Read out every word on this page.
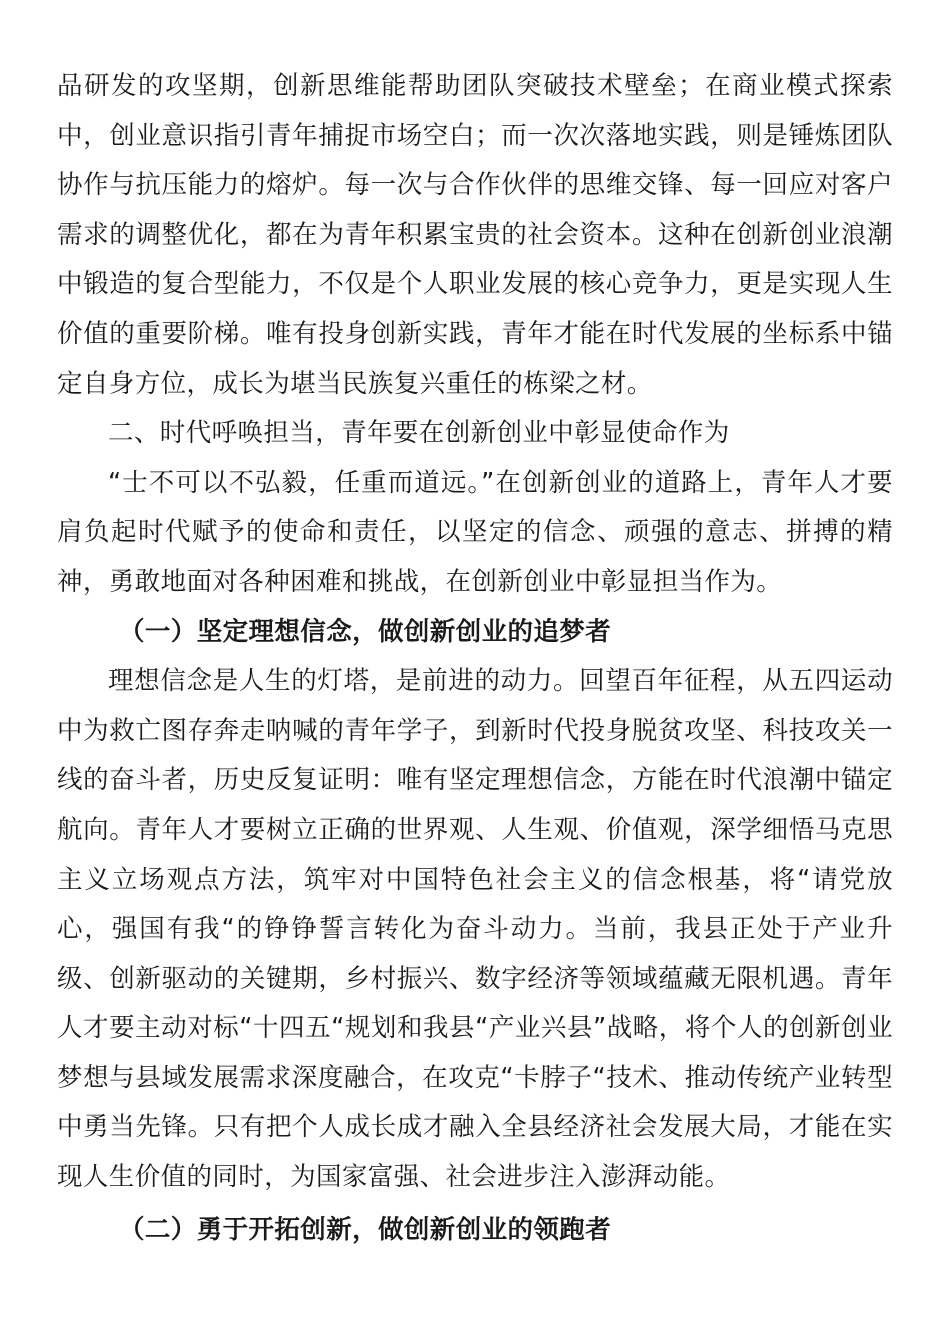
品研发的攻坚期，创新思维能帮助团队突破技术壁垒；在商业模式探索中，创业意识指引青年捕捉市场空白；而一次次落地实践，则是锤炼团队协作与抗压能力的熔炉。每一次与合作伙伴的思维交锋、每一回应对客户需求的调整优化，都在为青年积累宝贵的社会资本。这种在创新创业浪潮中锻造的复合型能力，不仅是个人职业发展的核心竞争力，更是实现人生价值的重要阶梯。唯有投身创新实践，青年才能在时代发展的坐标系中锚定自身方位，成长为堪当民族复兴重任的栋梁之材。

二、时代呼唤担当，青年要在创新创业中彰显使命作为

“士不可以不弘毅，任重而道远。”在创新创业的道路上，青年人才要肩负起时代赋予的使命和责任，以坚定的信念、顽强的意志、拼搏的精神，勇敢地面对各种困难和挑战，在创新创业中彰显担当作为。

（一）坚定理想信念，做创新创业的追梦者

理想信念是人生的灯塔，是前进的动力。回望百年征程，从五四运动中为救亡图存奔走呐喊的青年学子，到新时代投身脱贫攻坚、科技攻关一线的奋斗者，历史反复证明：唯有坚定理想信念，方能在时代浪潮中锚定航向。青年人才要树立正确的世界观、人生观、价值观，深学细悟马克思主义立场观点方法，筑牢对中国特色社会主义的信念根基，将“请党放心，强国有我“的铮铮誓言转化为奋斗动力。当前，我县正处于产业升级、创新驱动的关键期，乡村振兴、数字经济等领域蕴藏无限机遇。青年人才要主动对标“十四五“规划和我县“产业兴县”战略，将个人的创新创业梦想与县域发展需求深度融合，在攻克“卡脖子“技术、推动传统产业转型中勇当先锋。只有把个人成长成才融入全县经济社会发展大局，才能在实现人生价值的同时，为国家富强、社会进步注入澎湃动能。

（二）勇于开拓创新，做创新创业的领跑者
